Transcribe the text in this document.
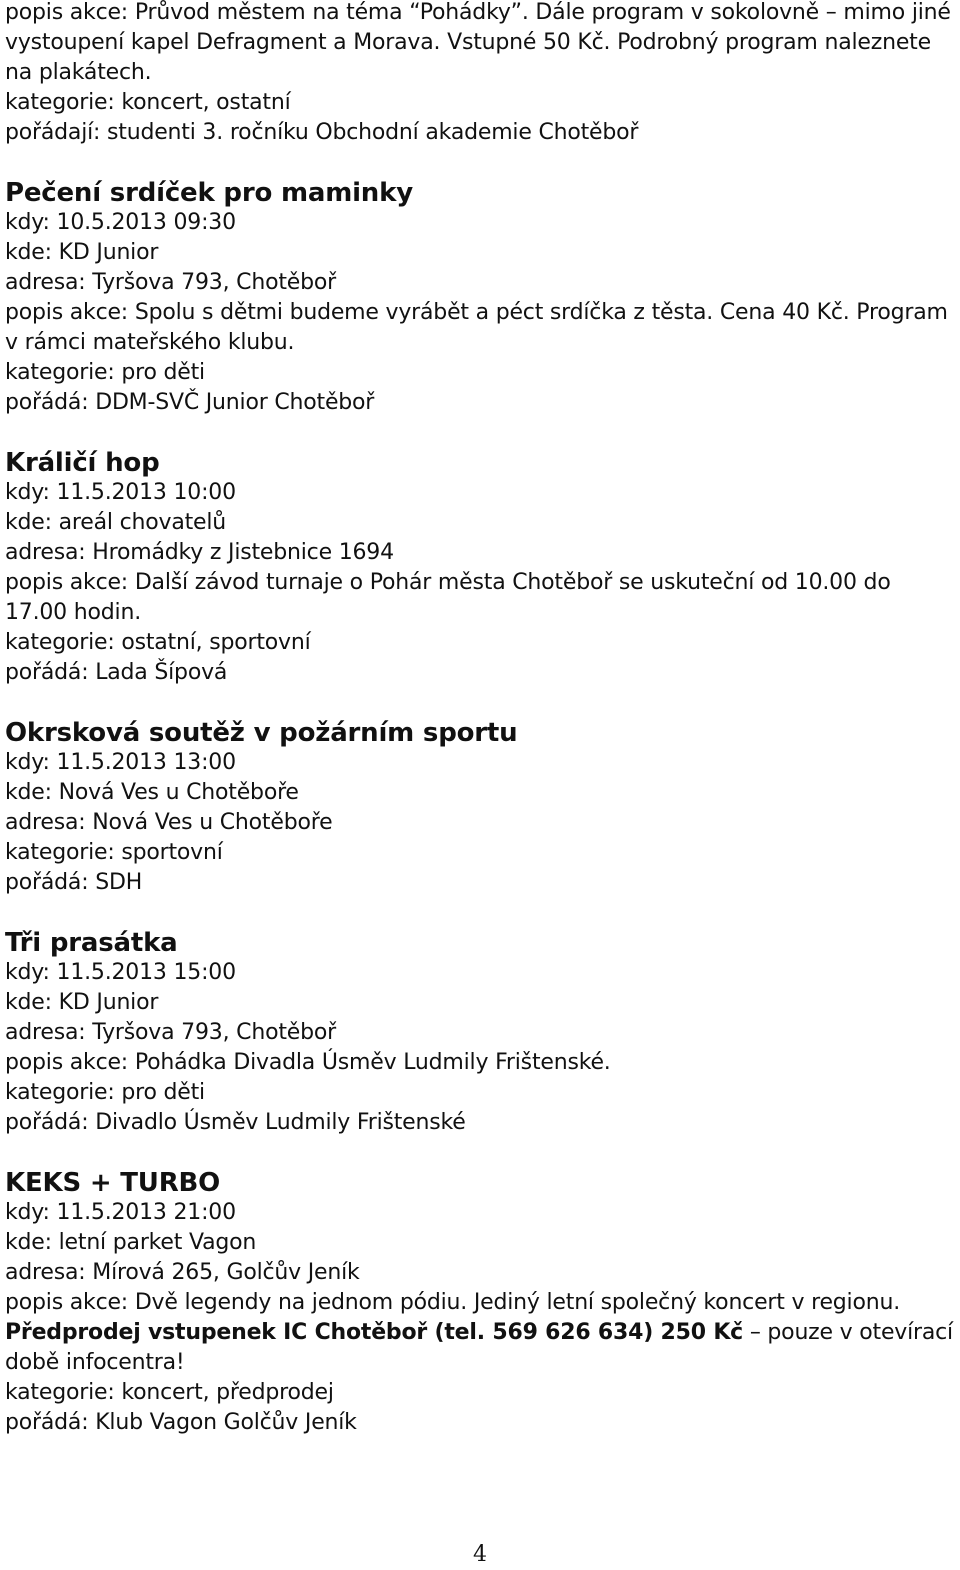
popis akce: Průvod městem na téma “Pohádky”. Dále program v sokolovně – mimo jiné vystoupení kapel Defragment a Morava. Vstupné 50 Kč. Podrobný program naleznete na plakátech.
kategorie: koncert, ostatní
pořádají: studenti 3. ročníku Obchodní akademie Chotěboř
Pečení srdíček pro maminky
kdy: 10.5.2013 09:30
kde: KD Junior
adresa: Tyršova 793, Chotěboř
popis akce: Spolu s dětmi budeme vyrábět a péct srdíčka z těsta. Cena 40 Kč. Program v rámci mateřského klubu.
kategorie: pro děti
pořádá: DDM-SVČ Junior Chotěboř
Králičí hop
kdy: 11.5.2013 10:00
kde: areál chovatelů
adresa: Hromádky z Jistebnice 1694
popis akce: Další závod turnaje o Pohár města Chotěboř se uskuteční od 10.00 do 17.00 hodin.
kategorie: ostatní, sportovní
pořádá: Lada Šípová
Okrsková soutěž v požárním sportu
kdy: 11.5.2013 13:00
kde: Nová Ves u Chotěboře
adresa: Nová Ves u Chotěboře
kategorie: sportovní
pořádá: SDH
Tři prasátka
kdy: 11.5.2013 15:00
kde: KD Junior
adresa: Tyršova 793, Chotěboř
popis akce: Pohádka Divadla Úsměv Ludmily Frištenské.
kategorie: pro děti
pořádá: Divadlo Úsměv Ludmily Frištenské
KEKS + TURBO
kdy: 11.5.2013 21:00
kde: letní parket Vagon
adresa: Mírová 265, Golčův Jeník
popis akce: Dvě legendy na jednom pódiu. Jediný letní společný koncert v regionu. Předprodej vstupenek IC Chotěboř (tel. 569 626 634) 250 Kč – pouze v otevírací době infocentra!
kategorie: koncert, předprodej
pořádá: Klub Vagon Golčův Jeník
4
